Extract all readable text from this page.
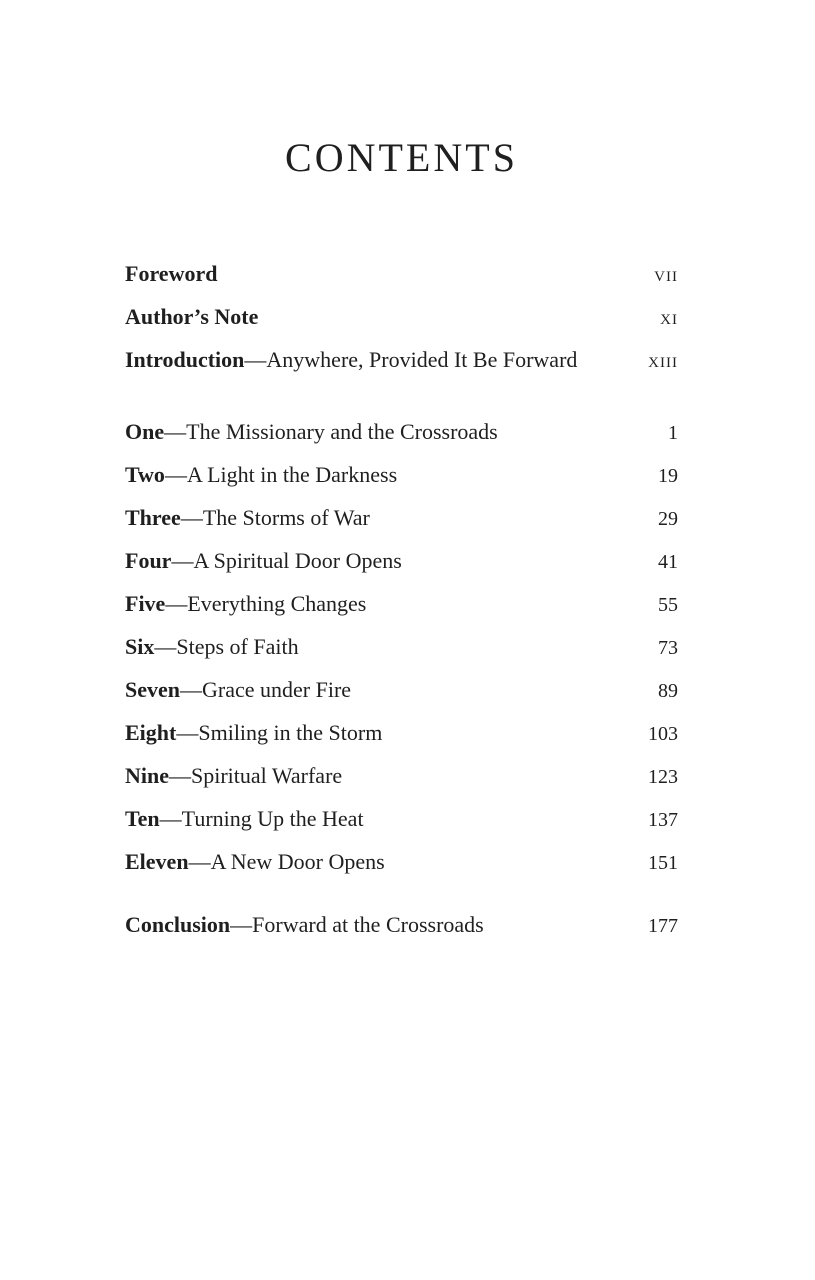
CONTENTS
Foreword	VII
Author’s Note	XI
Introduction—Anywhere, Provided It Be Forward	XIII
One—The Missionary and the Crossroads	1
Two—A Light in the Darkness	19
Three—The Storms of War	29
Four—A Spiritual Door Opens	41
Five—Everything Changes	55
Six—Steps of Faith	73
Seven—Grace under Fire	89
Eight—Smiling in the Storm	103
Nine—Spiritual Warfare	123
Ten—Turning Up the Heat	137
Eleven—A New Door Opens	151
Conclusion—Forward at the Crossroads	177
